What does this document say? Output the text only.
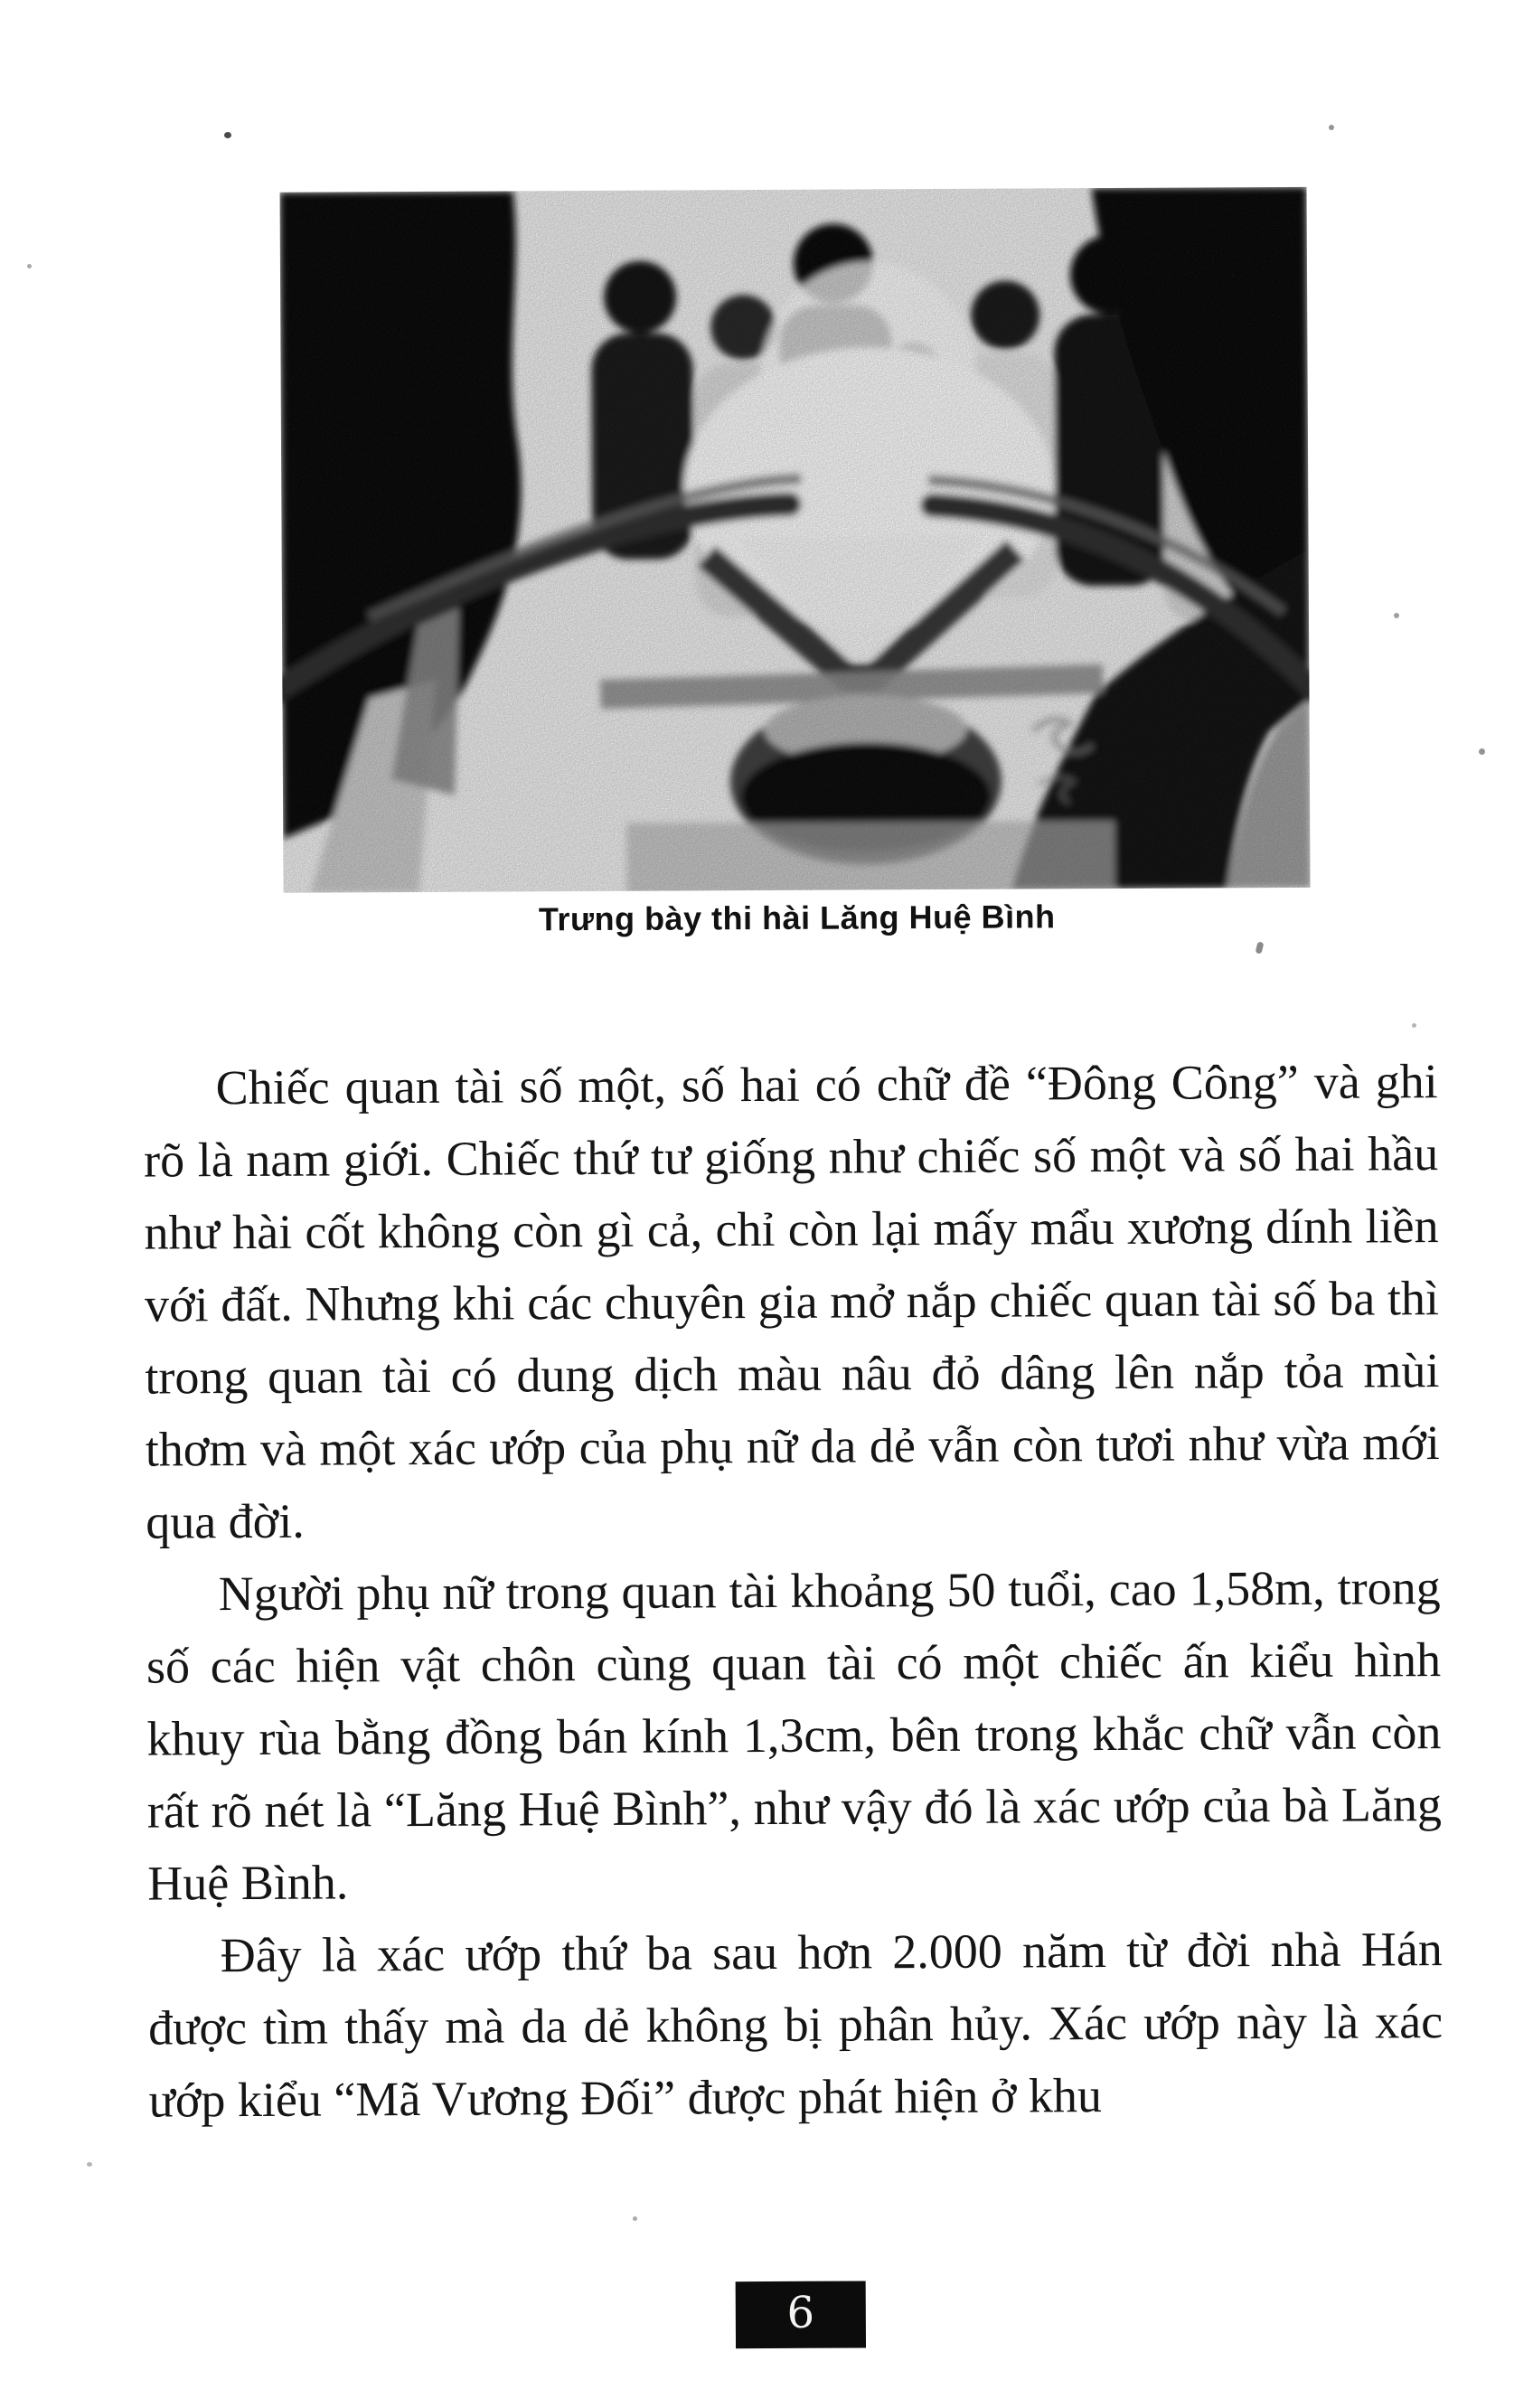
Trưng bày thi hài Lăng Huệ Bình

Chiếc quan tài số một, số hai có chữ đề “Đông Công” và ghi rõ là nam giới. Chiếc thứ tư giống như chiếc số một và số hai hầu như hài cốt không còn gì cả, chỉ còn lại mấy mẩu xương dính liền với đất. Nhưng khi các chuyên gia mở nắp chiếc quan tài số ba thì trong quan tài có dung dịch màu nâu đỏ dâng lên nắp tỏa mùi thơm và một xác ướp của phụ nữ da dẻ vẫn còn tươi như vừa mới qua đời.

Người phụ nữ trong quan tài khoảng 50 tuổi, cao 1,58m, trong số các hiện vật chôn cùng quan tài có một chiếc ấn kiểu hình khuy rùa bằng đồng bán kính 1,3cm, bên trong khắc chữ vẫn còn rất rõ nét là “Lăng Huệ Bình”, như vậy đó là xác ướp của bà Lăng Huệ Bình.

Đây là xác ướp thứ ba sau hơn 2.000 năm từ đời nhà Hán được tìm thấy mà da dẻ không bị phân hủy. Xác ướp này là xác ướp kiểu “Mã Vương Đối” được phát hiện ở khu

6
